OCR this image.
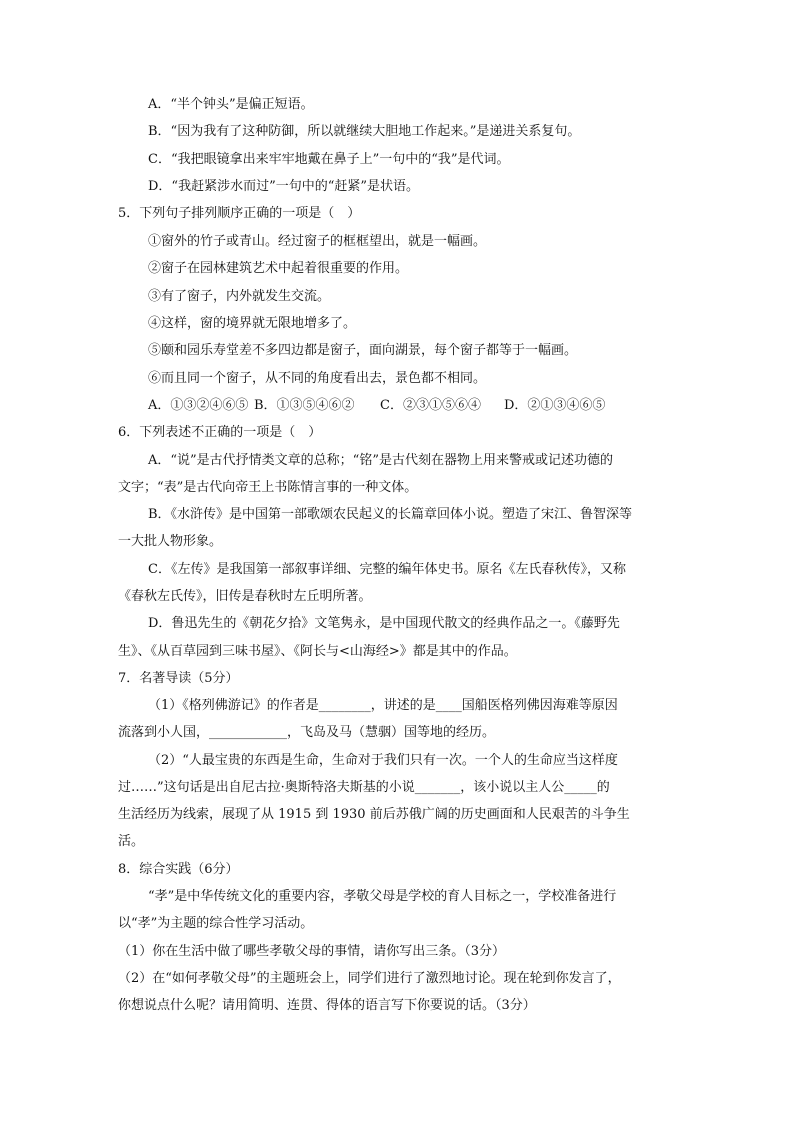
A．“半个钟头”是偏正短语。
B．“因为我有了这种防御，所以就继续大胆地工作起来。”是递进关系复句。
C．“我把眼镜拿出来牢牢地戴在鼻子上”一句中的“我”是代词。
D．“我赶紧涉水而过”一句中的“赶紧”是状语。
5．下列句子排列顺序正确的一项是（　）
①窗外的竹子或青山。经过窗子的框框望出，就是一幅画。
②窗子在园林建筑艺术中起着很重要的作用。
③有了窗子，内外就发生交流。
④这样，窗的境界就无限地增多了。
⑤颐和园乐寿堂差不多四边都是窗子，面向湖景，每个窗子都等于一幅画。
⑥而且同一个窗子，从不同的角度看出去，景色都不相同。
A．①③②④⑥⑤ B．①③⑤④⑥② C．②③①⑤⑥④ D．②①③④⑥⑤
6．下列表述不正确的一项是（　）
A．“说”是古代抒情类文章的总称；“铭”是古代刻在器物上用来警戒或记述功德的
文字；“表”是古代向帝王上书陈情言事的一种文体。
B．《水浒传》是中国第一部歌颂农民起义的长篇章回体小说。塑造了宋江、鲁智深等
一大批人物形象。
C．《左传》是我国第一部叙事详细、完整的编年体史书。原名《左氏春秋传》，又称
《春秋左氏传》，旧传是春秋时左丘明所著。
D．鲁迅先生的《朝花夕拾》文笔隽永，是中国现代散文的经典作品之一。《藤野先
生》、《从百草园到三味书屋》、《阿长与<山海经>》都是其中的作品。
7．名著导读（5分）
（1）《格列佛游记》的作者是________，讲述的是____国船医格列佛因海难等原因
流落到小人国，____________，飞岛及马（慧骃）国等地的经历。
（2）“人最宝贵的东西是生命，生命对于我们只有一次。一个人的生命应当这样度
过……”这句话是出自尼古拉·奥斯特洛夫斯基的小说_______，该小说以主人公_____的
生活经历为线索，展现了从 1915 到 1930 前后苏俄广阔的历史画面和人民艰苦的斗争生
活。
8．综合实践（6分）
“孝”是中华传统文化的重要内容，孝敬父母是学校的育人目标之一，学校准备进行
以“孝”为主题的综合性学习活动。
（1）你在生活中做了哪些孝敬父母的事情，请你写出三条。（3分）
（2）在“如何孝敬父母”的主题班会上，同学们进行了激烈地讨论。现在轮到你发言了，
你想说点什么呢？请用简明、连贯、得体的语言写下你要说的话。（3分）
